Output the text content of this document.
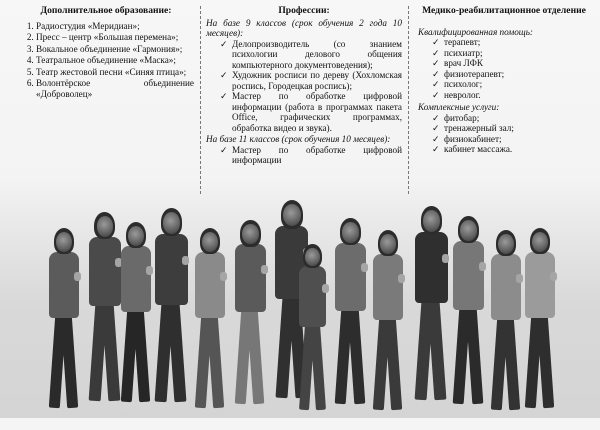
Дополнительное образование:
1. Радиостудия «Меридиан»;
2. Пресс – центр «Большая перемена»;
3. Вокальное объединение «Гармония»;
4. Театральное объединение «Маска»;
5. Театр жестовой песни «Синяя птица»;
6. Волонтёрское объединение «Доброволец»
Профессии:

На базе 9 классов (срок обучения 2 года 10 месяцев):

✓ Делопроизводитель (со знанием психологии делового общения компьютерного документоведения);
✓ Художник росписи по дереву (Хохломская роспись, Городецкая роспись);
✓ Мастер по обработке цифровой информации (работа в программах пакета Office, графических программах, обработка видео и звука).

На базе 11 классов (срок обучения 10 месяцев):

✓ Мастер по обработке цифровой информации
Медико-реабилитационное отделение

Квалифицированная помощь:

✓ терапевт;
✓ психиатр;
✓ врач ЛФК
✓ физиотерапевт;
✓ психолог;
✓ невролог.

Комплексные услуги:

✓ фитобар;
✓ тренажерный зал;
✓ физиокабинет;
✓ кабинет массажа.
